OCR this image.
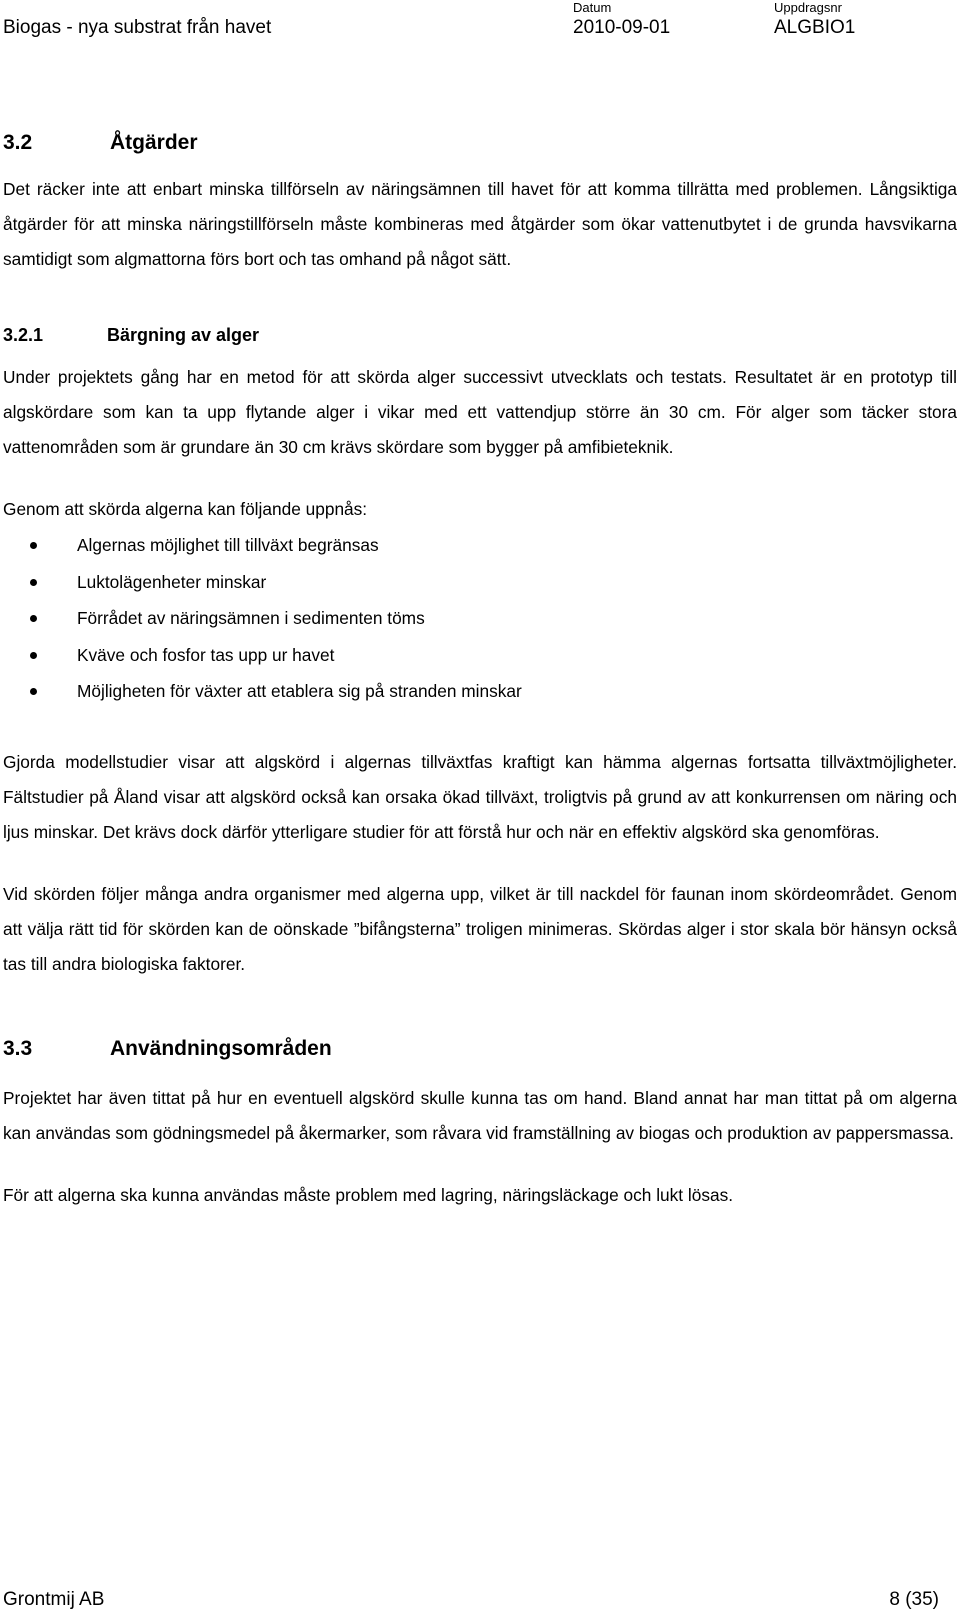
Biogas - nya substrat från havet
Datum
2010-09-01
Uppdragsnr
ALGBIO1
3.2	Åtgärder

Det räcker inte att enbart minska tillförseln av näringsämnen till havet för att komma tillrätta med problemen. Långsiktiga åtgärder för att minska näringstillförseln måste kombineras med åtgärder som ökar vattenutbytet i de grunda havsvikarna samtidigt som algmattorna förs bort och tas omhand på något sätt.

3.2.1	Bärgning av alger

Under projektets gång har en metod för att skörda alger successivt utvecklats och testats. Resultatet är en prototyp till algskördare som kan ta upp flytande alger i vikar med ett vattendjup större än 30 cm. För alger som täcker stora vattenområden som är grundare än 30 cm krävs skördare som bygger på amfibieteknik.

Genom att skörda algerna kan följande uppnås:

Algernas möjlighet till tillväxt begränsas
Luktolägenheter minskar
Förrådet av näringsämnen i sedimenten töms
Kväve och fosfor tas upp ur havet
Möjligheten för växter att etablera sig på stranden minskar

Gjorda modellstudier visar att algskörd i algernas tillväxtfas kraftigt kan hämma algernas fortsatta tillväxtmöjligheter. Fältstudier på Åland visar att algskörd också kan orsaka ökad tillväxt, troligtvis på grund av att konkurrensen om näring och ljus minskar. Det krävs dock därför ytterligare studier för att förstå hur och när en effektiv algskörd ska genomföras.

Vid skörden följer många andra organismer med algerna upp, vilket är till nackdel för faunan inom skördeområdet. Genom att välja rätt tid för skörden kan de oönskade ”bifångsterna” troligen minimeras. Skördas alger i stor skala bör hänsyn också tas till andra biologiska faktorer.

3.3	Användningsområden

Projektet har även tittat på hur en eventuell algskörd skulle kunna tas om hand. Bland annat har man tittat på om algerna kan användas som gödningsmedel på åkermarker, som råvara vid framställning av biogas och produktion av pappersmassa.

För att algerna ska kunna användas måste problem med lagring, näringsläckage och lukt lösas.

Grontmij AB	8 (35)
